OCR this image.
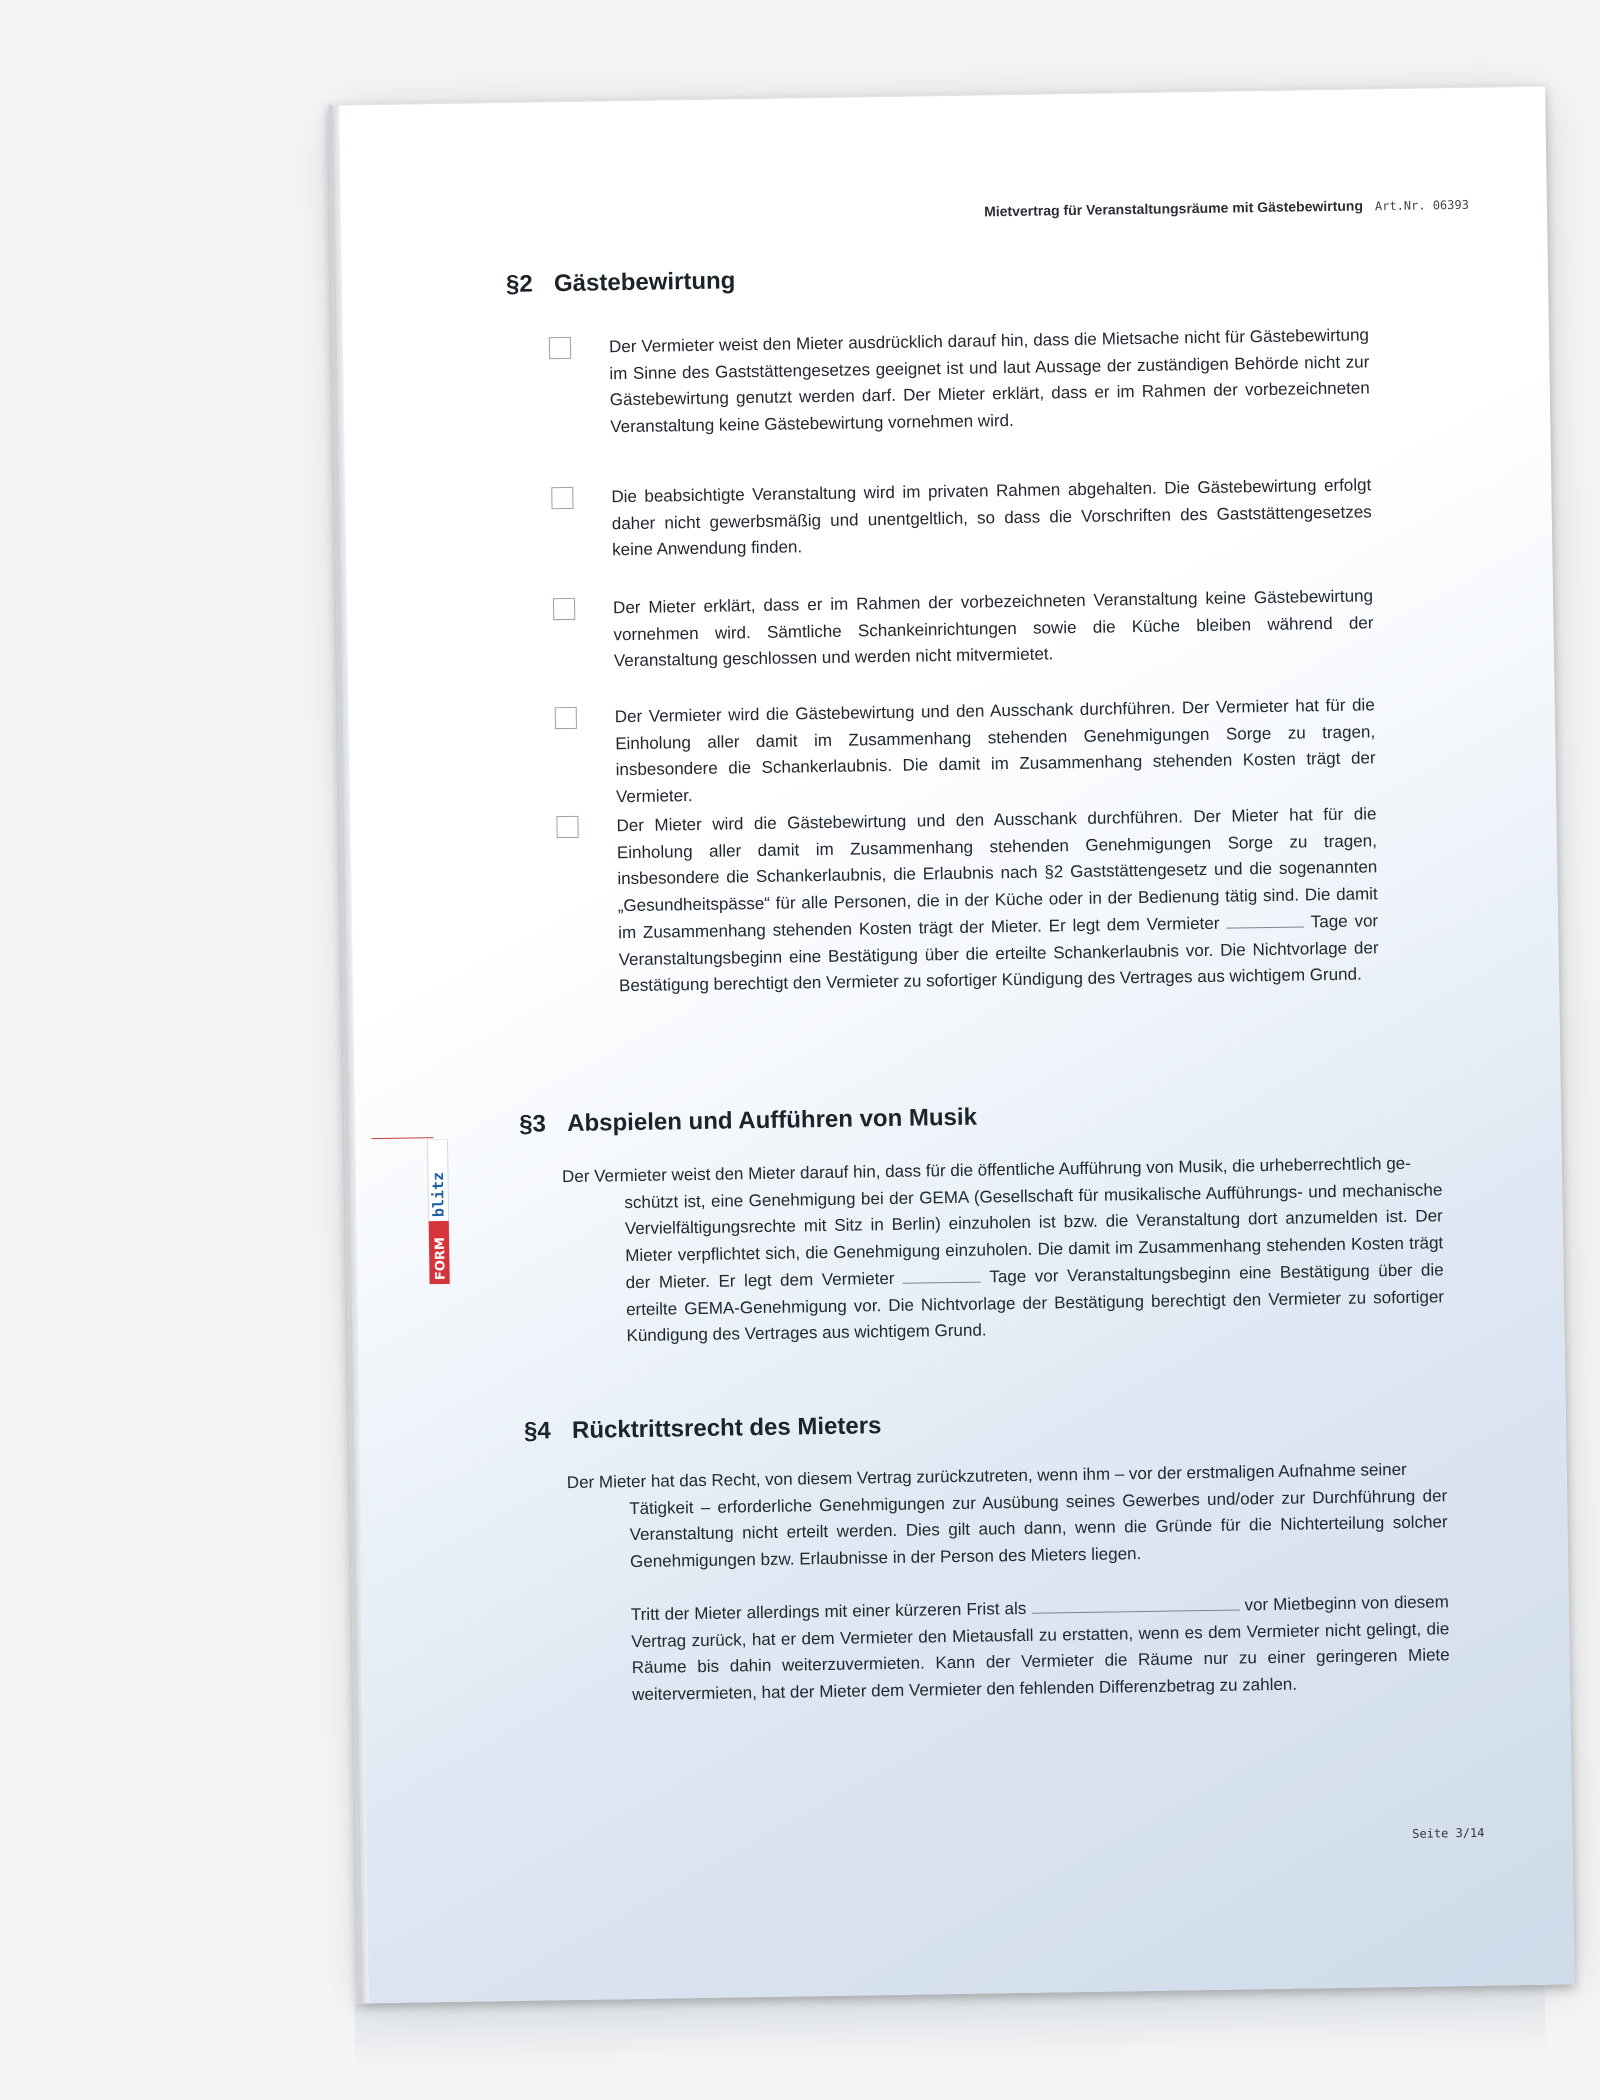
Mietvertrag für Veranstaltungsräume mit Gästebewirtung Art.Nr. 06393
§2 Gästebewirtung
Der Vermieter weist den Mieter ausdrücklich darauf hin, dass die Mietsache nicht für Gästebewirtung im Sinne des Gaststättengesetzes geeignet ist und laut Aussage der zuständigen Behörde nicht zur Gästebewirtung genutzt werden darf. Der Mieter erklärt, dass er im Rahmen der vorbezeichneten Veranstaltung keine Gästebewirtung vornehmen wird.
Die beabsichtigte Veranstaltung wird im privaten Rahmen abgehalten. Die Gästebewirtung erfolgt daher nicht gewerbsmäßig und unentgeltlich, so dass die Vorschriften des Gaststättengesetzes keine Anwendung finden.
Der Mieter erklärt, dass er im Rahmen der vorbezeichneten Veranstaltung keine Gästebewirtung vornehmen wird. Sämtliche Schankeinrichtungen sowie die Küche bleiben während der Veranstaltung geschlossen und werden nicht mitvermietet.
Der Vermieter wird die Gästebewirtung und den Ausschank durchführen. Der Vermieter hat für die Einholung aller damit im Zusammenhang stehenden Genehmigungen Sorge zu tragen, insbesondere die Schankerlaubnis. Die damit im Zusammenhang stehenden Kosten trägt der Vermieter.
Der Mieter wird die Gästebewirtung und den Ausschank durchführen. Der Mieter hat für die Einholung aller damit im Zusammenhang stehenden Genehmigungen Sorge zu tragen, insbesondere die Schankerlaubnis, die Erlaubnis nach §2 Gaststättengesetz und die sogenannten „Gesundheitspässe“ für alle Personen, die in der Küche oder in der Bedienung tätig sind. Die damit im Zusammenhang stehenden Kosten trägt der Mieter. Er legt dem Vermieter	Tage vor Veranstaltungsbeginn eine Bestätigung über die erteilte Schankerlaubnis vor. Die Nichtvorlage der Bestätigung berechtigt den Vermieter zu sofortiger Kündigung des Vertrages aus wichtigem Grund.
§3 Abspielen und Aufführen von Musik
Der Vermieter weist den Mieter darauf hin, dass für die öffentliche Aufführung von Musik, die urheberrechtlich ge-
schützt ist, eine Genehmigung bei der GEMA (Gesellschaft für musikalische Aufführungs- und mechanische Vervielfältigungsrechte mit Sitz in Berlin) einzuholen ist bzw. die Veranstaltung dort anzumelden ist. Der Mieter verpflichtet sich, die Genehmigung einzuholen. Die damit im Zusammenhang stehenden Kosten trägt der Mieter. Er legt dem Vermieter	Tage vor Veranstaltungsbeginn eine Bestätigung über die erteilte GEMA-Genehmigung vor. Die Nichtvorlage der Bestätigung berechtigt den Vermieter zu sofortiger Kündigung des Vertrages aus wichtigem Grund.
§4 Rücktrittsrecht des Mieters
Der Mieter hat das Recht, von diesem Vertrag zurückzutreten, wenn ihm – vor der erstmaligen Aufnahme seiner
Tätigkeit – erforderliche Genehmigungen zur Ausübung seines Gewerbes und/oder zur Durchführung der Veranstaltung nicht erteilt werden. Dies gilt auch dann, wenn die Gründe für die Nichterteilung solcher Genehmigungen bzw. Erlaubnisse in der Person des Mieters liegen.
Tritt der Mieter allerdings mit einer kürzeren Frist als	vor Mietbeginn von diesem Vertrag zurück, hat er dem Vermieter den Mietausfall zu erstatten, wenn es dem Vermieter nicht gelingt, die Räume bis dahin weiterzuvermieten. Kann der Vermieter die Räume nur zu einer geringeren Miete weitervermieten, hat der Mieter dem Vermieter den fehlenden Differenzbetrag zu zahlen.
Seite 3/14
blitz
FORM
